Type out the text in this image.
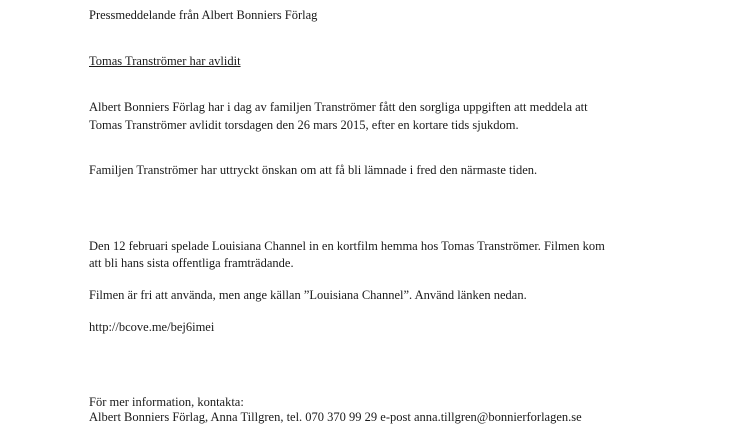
Pressmeddelande från Albert Bonniers Förlag
Tomas Tranströmer har avlidit
Albert Bonniers Förlag har i dag av familjen Tranströmer fått den sorgliga uppgiften att meddela att
Tomas Tranströmer avlidit torsdagen den 26 mars 2015, efter en kortare tids sjukdom.
Familjen Tranströmer har uttryckt önskan om att få bli lämnade i fred den närmaste tiden.
Den 12 februari spelade Louisiana Channel in en kortfilm hemma hos Tomas Tranströmer. Filmen kom
att bli hans sista offentliga framträdande.
Filmen är fri att använda, men ange källan ”Louisiana Channel”. Använd länken nedan.
http://bcove.me/bej6imei
För mer information, kontakta:
Albert Bonniers Förlag, Anna Tillgren, tel. 070 370 99 29 e-post anna.tillgren@bonnierforlagen.se
